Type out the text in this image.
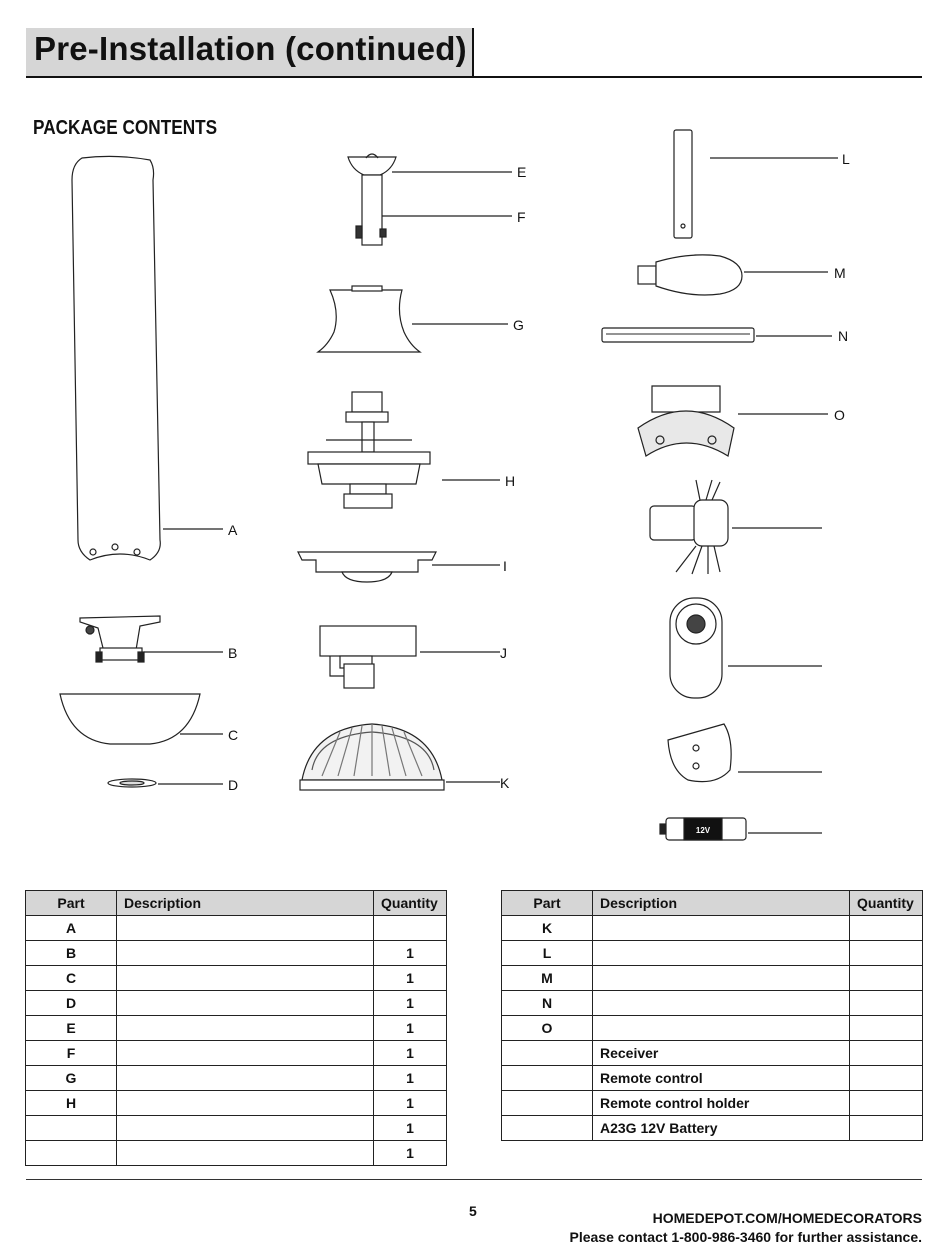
Pre-Installation (continued)
PACKAGE CONTENTS
12V
A
B
C
D
E
F
G
H
I
J
K
L
M
N
O
Part	Description	Quantity
A		
B		1
C		1
D		1
E		1
F		1
G		1
H		1
		1
		1
Part	Description	Quantity
K		
L		
M		
N		
O		
	Receiver	
	Remote control	
	Remote control holder	
	A23G 12V Battery	
5	HOMEDEPOT.COM/HOMEDECORATORS
Please contact 1-800-986-3460 for further assistance.
